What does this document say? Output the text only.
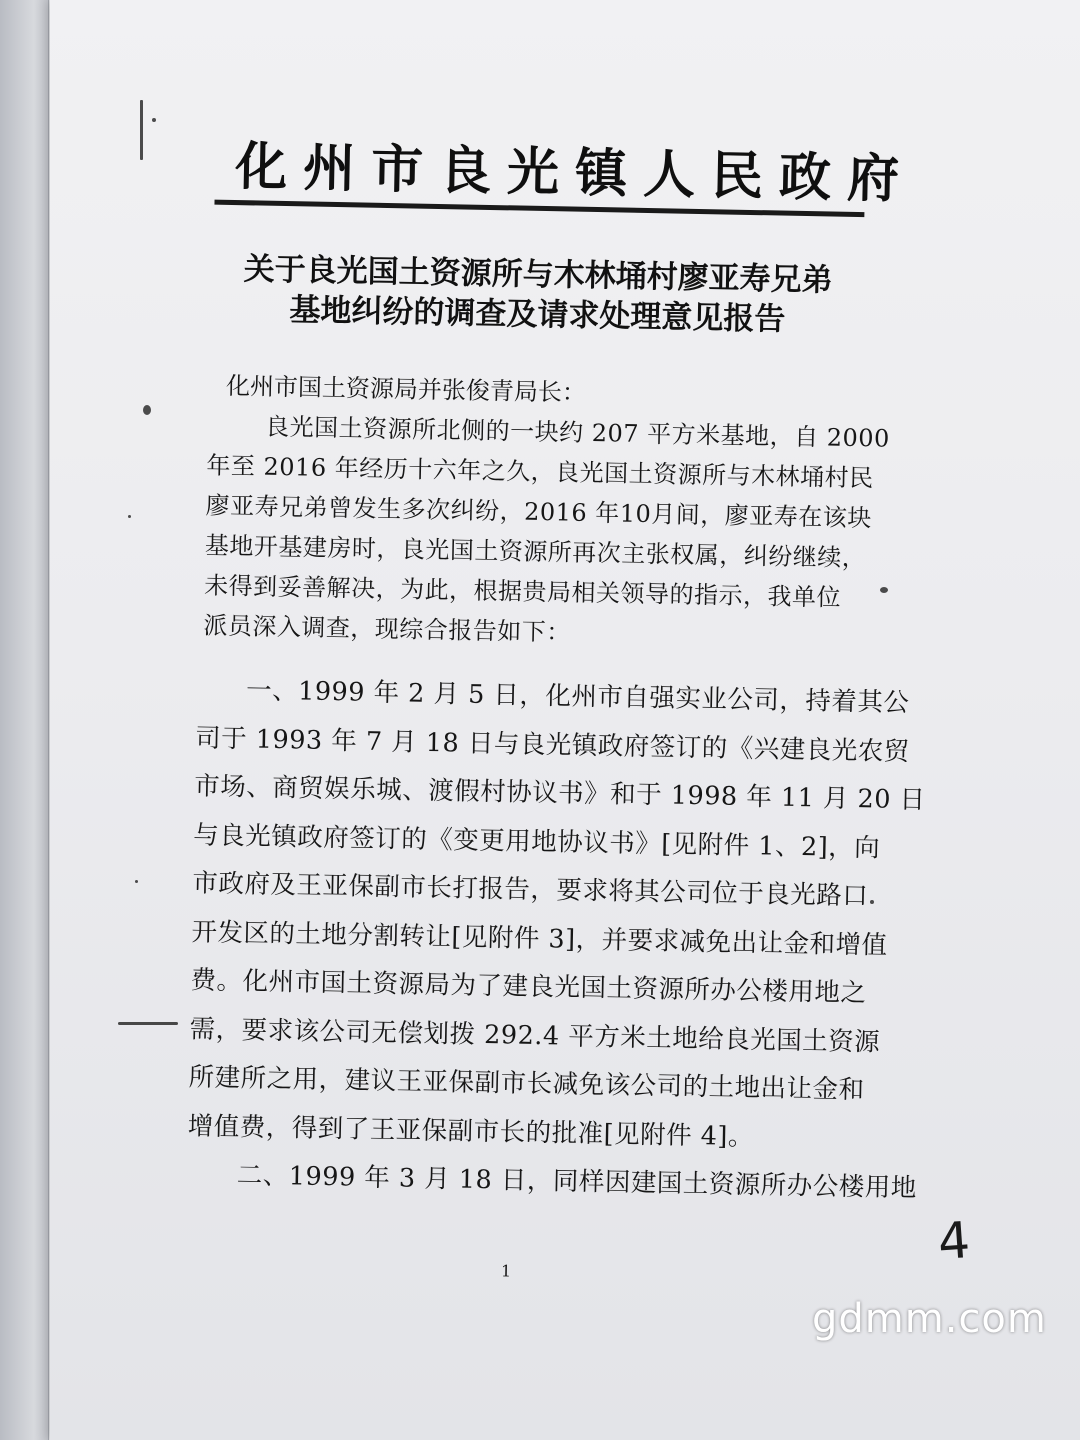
化州市良光镇人民政府
关于良光国土资源所与木林埇村廖亚寿兄弟
基地纠纷的调查及请求处理意见报告
化州市国土资源局并张俊青局长：
良光国土资源所北侧的一块约 207 平方米基地，自 2000
年至 2016 年经历十六年之久，良光国土资源所与木林埇村民
廖亚寿兄弟曾发生多次纠纷，2016 年10月间，廖亚寿在该块
基地开基建房时，良光国土资源所再次主张权属，纠纷继续，
未得到妥善解决，为此，根据贵局相关领导的指示，我单位
派员深入调查，现综合报告如下：
一、1999 年 2 月 5 日，化州市自强实业公司，持着其公
司于 1993 年 7 月 18 日与良光镇政府签订的《兴建良光农贸
市场、商贸娱乐城、渡假村协议书》和于 1998 年 11 月 20 日
与良光镇政府签订的《变更用地协议书》[见附件 1、2]，向
市政府及王亚保副市长打报告，要求将其公司位于良光路口
开发区的土地分割转让[见附件 3]，并要求减免出让金和增值
费。化州市国土资源局为了建良光国土资源所办公楼用地之
需，要求该公司无偿划拨 292.4 平方米土地给良光国土资源
所建所之用，建议王亚保副市长减免该公司的土地出让金和
增值费，得到了王亚保副市长的批准[见附件 4]。
二、1999 年 3 月 18 日，同样因建国土资源所办公楼用地
1	4
gdmm.com
